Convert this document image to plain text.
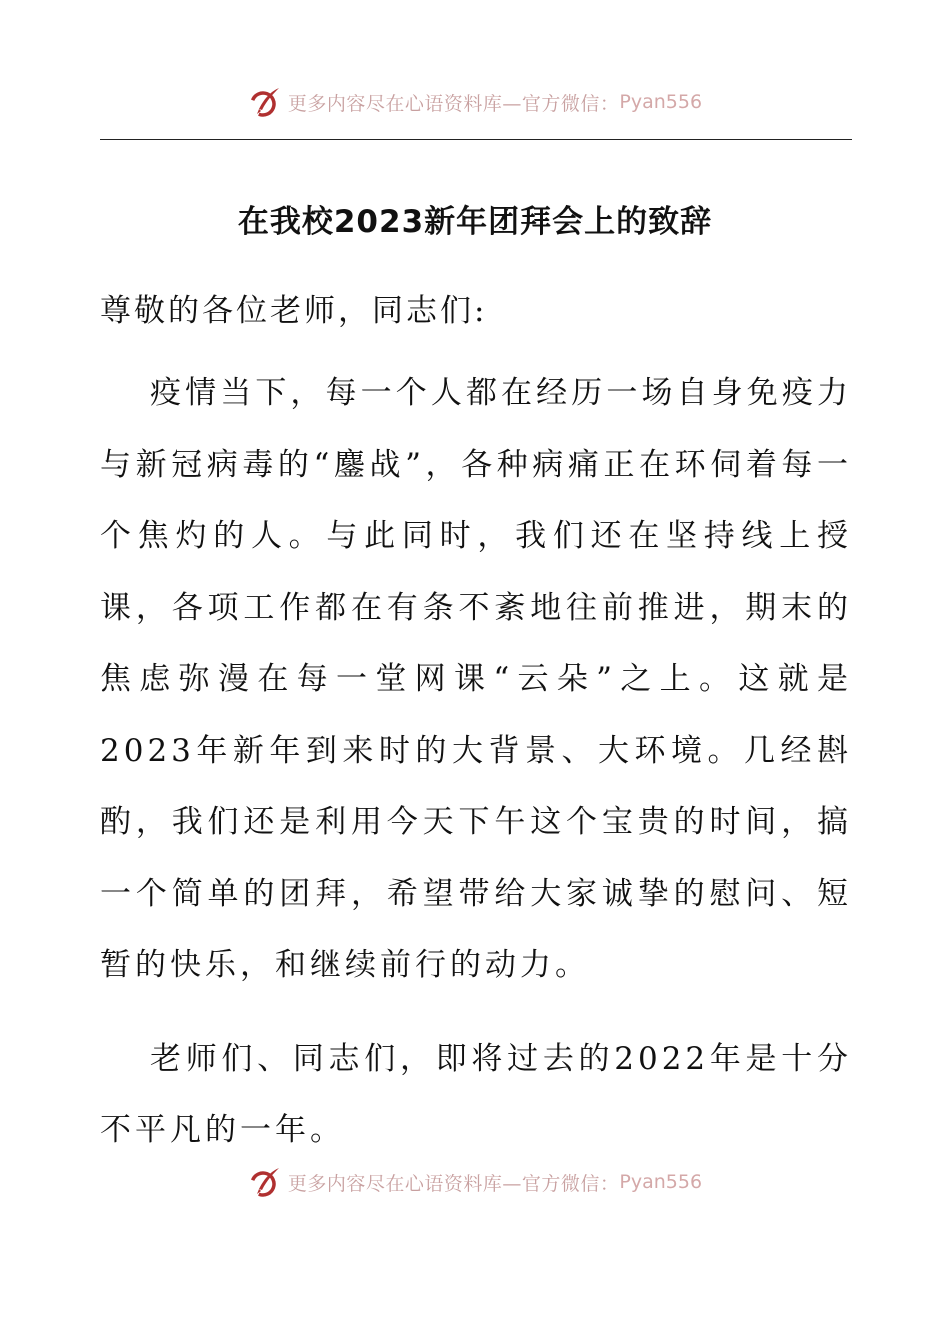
更多内容尽在心语资料库—官方微信： Pyan556
在我校2023新年团拜会上的致辞

尊敬的各位老师，同志们:

疫情当下，每一个人都在经历一场自身免疫力与新冠病毒的“鏖战”，各种病痛正在环伺着每一个焦灼的人。与此同时，我们还在坚持线上授课，各项工作都在有条不紊地往前推进，期末的焦虑弥漫在每一堂网课“云朵”之上。这就是2023年新年到来时的大背景、大环境。几经斟酌，我们还是利用今天下午这个宝贵的时间，搞一个简单的团拜，希望带给大家诚挚的慰问、短暂的快乐，和继续前行的动力。

老师们、同志们，即将过去的2022年是十分不平凡的一年。

更多内容尽在心语资料库—官方微信： Pyan556
